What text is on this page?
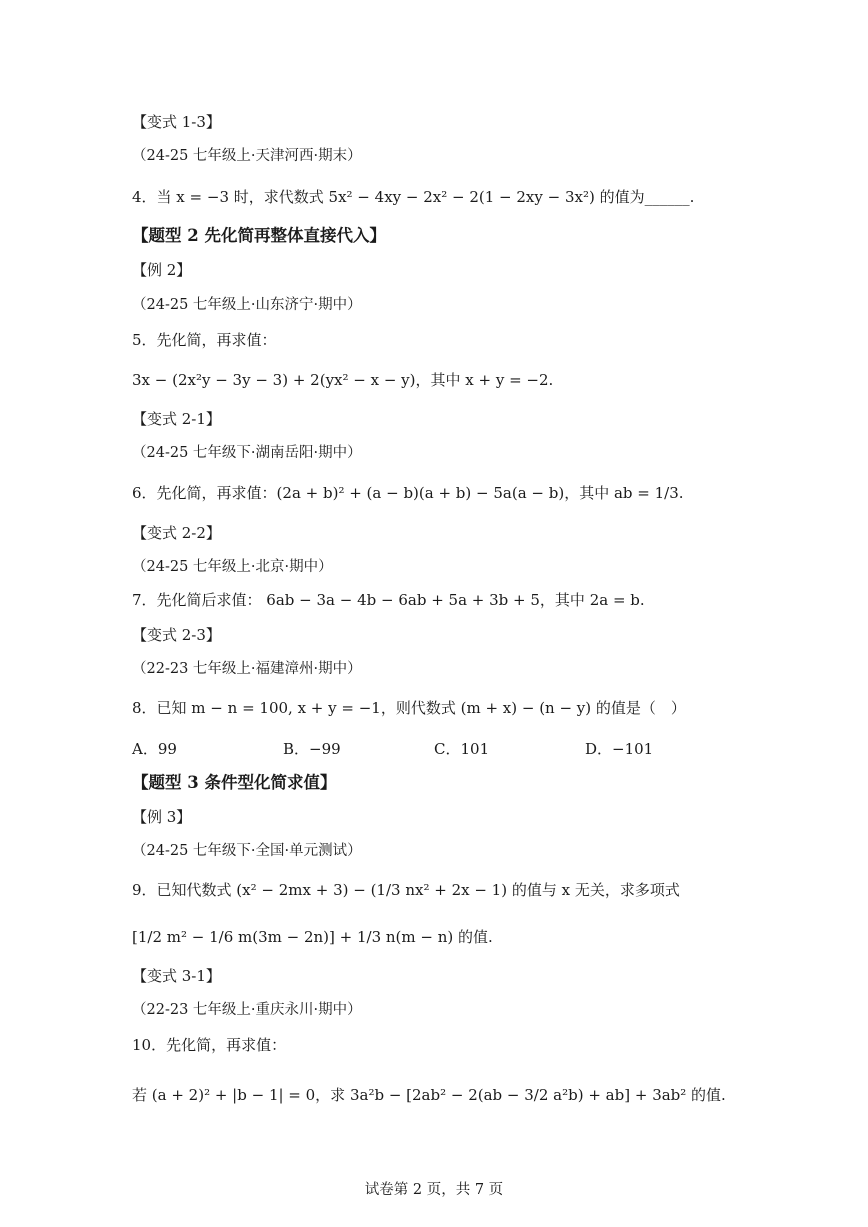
【变式 1-3】
（24-25 七年级上·天津河西·期末）
4．当 x = −3 时，求代数式 5x² − 4xy − 2x² − 2(1 − 2xy − 3x²) 的值为______.
【题型 2 先化简再整体直接代入】
【例 2】
（24-25 七年级上·山东济宁·期中）
5．先化简，再求值：
3x − (2x²y − 3y − 3) + 2(yx² − x − y)，其中 x + y = −2.
【变式 2-1】
（24-25 七年级下·湖南岳阳·期中）
6．先化简，再求值：(2a + b)² + (a − b)(a + b) − 5a(a − b)，其中 ab = 1/3.
【变式 2-2】
（24-25 七年级上·北京·期中）
7．先化简后求值： 6ab − 3a − 4b − 6ab + 5a + 3b + 5，其中 2a = b.
【变式 2-3】
（22-23 七年级上·福建漳州·期中）
8．已知 m − n = 100, x + y = −1，则代数式 (m + x) − (n − y) 的值是（　）
A．99	B．−99	C．101	D．−101
【题型 3 条件型化简求值】
【例 3】
（24-25 七年级下·全国·单元测试）
9．已知代数式 (x² − 2mx + 3) − (1/3 nx² + 2x − 1) 的值与 x 无关，求多项式
[1/2 m² − 1/6 m(3m − 2n)] + 1/3 n(m − n) 的值.
【变式 3-1】
（22-23 七年级上·重庆永川·期中）
10．先化简，再求值：
若 (a + 2)² + |b − 1| = 0，求 3a²b − [2ab² − 2(ab − 3/2 a²b) + ab] + 3ab² 的值.
试卷第 2 页，共 7 页
